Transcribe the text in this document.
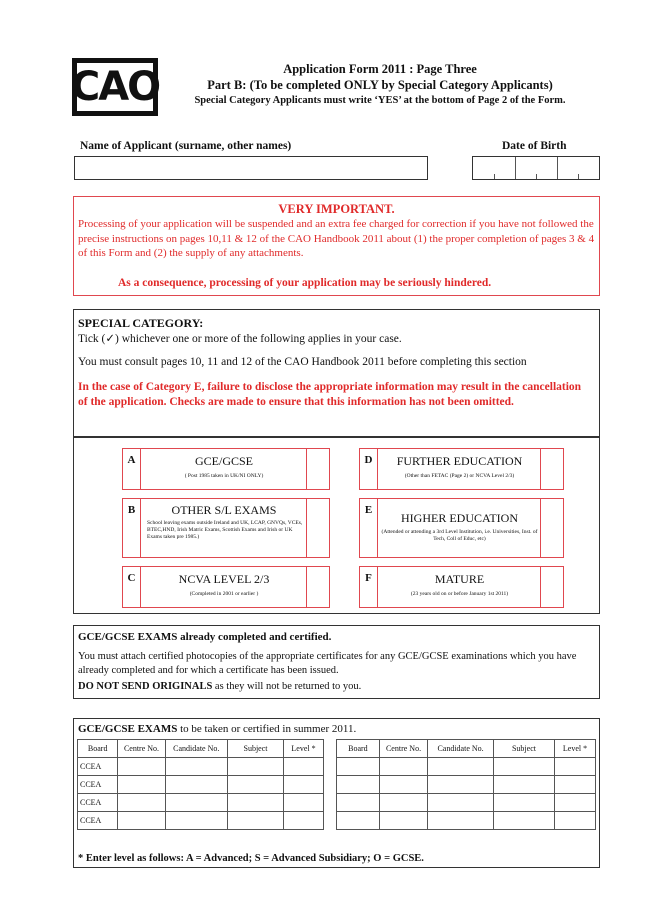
CAO	Application Form 2011 : Page Three
Part B: (To be completed ONLY by Special Category Applicants)
Special Category Applicants must write ‘YES’ at the bottom of Page 2 of the Form.
Name of Applicant (surname, other names)	Date of Birth
VERY IMPORTANT.
Processing of your application will be suspended and an extra fee charged for correction if you have not followed the precise instructions on pages 10,11 & 12 of the CAO Handbook 2011 about (1) the proper completion of pages 3 & 4 of this Form and (2) the supply of any attachments.
As a consequence, processing of your application may be seriously hindered.
SPECIAL CATEGORY:
Tick (✓) whichever one or more of the following applies in your case.
You must consult pages 10, 11 and 12 of the CAO Handbook 2011 before completing this section
In the case of Category E, failure to disclose the appropriate information may result in the cancellation of the application. Checks are made to ensure that this information has not been omitted.
A	GCE/GCSE
( Post 1985 taken in UK/NI ONLY)
B	OTHER S/L EXAMS
School leaving exams outside Ireland and UK, LCAP, GNVQs, VCEs, BTEC,HND, Irish Matric Exams, Scottish Exams and Irish or UK Exams taken pre 1985.)
C	NCVA LEVEL 2/3
(Completed in 2001 or earlier )
D	FURTHER EDUCATION
(Other than FETAC (Page 2) or NCVA Level 2/3)
E
HIGHER EDUCATION
(Attended or attending a 3rd Level Institution, i.e. Universities, Inst. of Tech, Coll of Educ, etc)
F	MATURE
(23 years old on or before January 1st 2011)
GCE/GCSE EXAMS already completed and certified.
You must attach certified photocopies of the appropriate certificates for any GCE/GCSE examinations which you have already completed and for which a certificate has been issued.
DO NOT SEND ORIGINALS as they will not be returned to you.
GCE/GCSE EXAMS to be taken or certified in summer 2011.
Board	Centre No.	Candidate No.	Subject	Level *
CCEA				
CCEA				
CCEA				
CCEA				
Board	Centre No.	Candidate No.	Subject	Level *

* Enter level as follows: A = Advanced; S = Advanced Subsidiary; O = GCSE.
